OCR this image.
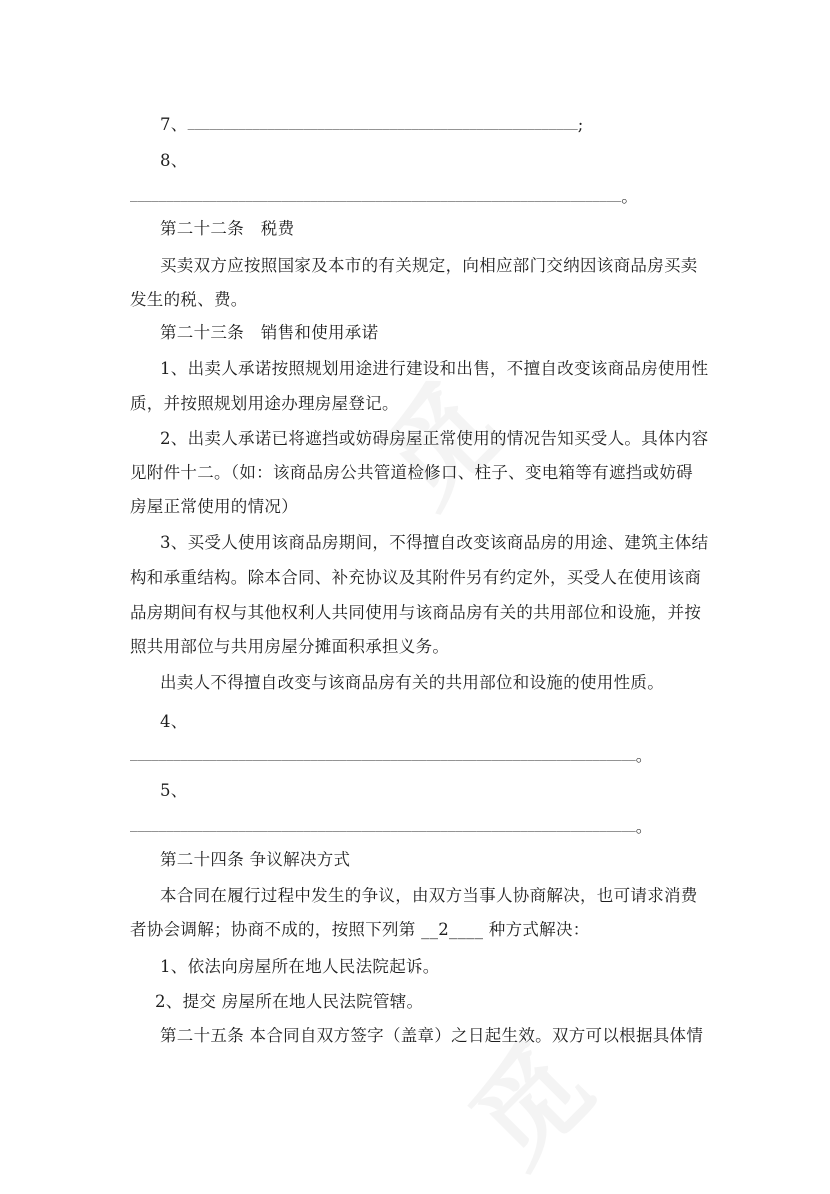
7、______________________________________________________;
8、
____________________________________________________________________。
第二十二条　税费
买卖双方应按照国家及本市的有关规定，向相应部门交纳因该商品房买卖
发生的税、费。
第二十三条　销售和使用承诺
1、出卖人承诺按照规划用途进行建设和出售，不擅自改变该商品房使用性
质，并按照规划用途办理房屋登记。
2、出卖人承诺已将遮挡或妨碍房屋正常使用的情况告知买受人。具体内容
见附件十二。（如：该商品房公共管道检修口、柱子、变电箱等有遮挡或妨碍
房屋正常使用的情况）
3、买受人使用该商品房期间，不得擅自改变该商品房的用途、建筑主体结
构和承重结构。除本合同、补充协议及其附件另有约定外，买受人在使用该商
品房期间有权与其他权利人共同使用与该商品房有关的共用部位和设施，并按
照共用部位与共用房屋分摊面积承担义务。
出卖人不得擅自改变与该商品房有关的共用部位和设施的使用性质。
4、
______________________________________________________________________。
5、
______________________________________________________________________。
第二十四条 争议解决方式
本合同在履行过程中发生的争议，由双方当事人协商解决，也可请求消费
者协会调解；协商不成的，按照下列第 __2____ 种方式解决：
1、依法向房屋所在地人民法院起诉。
2、提交 房屋所在地人民法院管辖。
第二十五条 本合同自双方签字（盖章）之日起生效。双方可以根据具体情
